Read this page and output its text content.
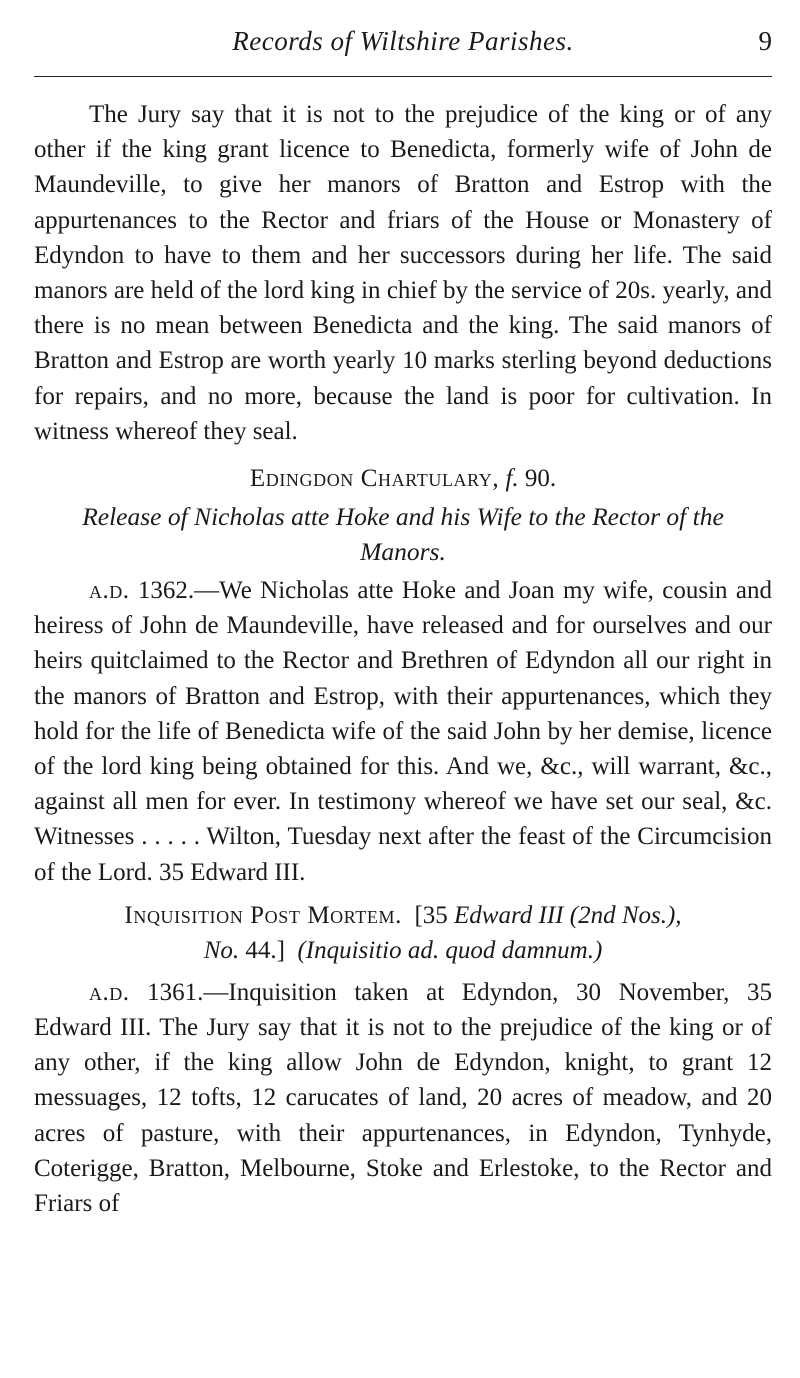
Records of Wiltshire Parishes.	9

The Jury say that it is not to the prejudice of the king or of any other if the king grant licence to Benedicta, formerly wife of John de Maundeville, to give her manors of Bratton and Estrop with the appurtenances to the Rector and friars of the House or Monastery of Edyndon to have to them and her successors during her life. The said manors are held of the lord king in chief by the service of 20s. yearly, and there is no mean between Benedicta and the king. The said manors of Bratton and Estrop are worth yearly 10 marks sterling beyond deductions for repairs, and no more, because the land is poor for cultivation. In witness whereof they seal.

Edingdon Chartulary, f. 90.
Release of Nicholas atte Hoke and his Wife to the Rector of the Manors.

a.d. 1362.—We Nicholas atte Hoke and Joan my wife, cousin and heiress of John de Maundeville, have released and for ourselves and our heirs quitclaimed to the Rector and Brethren of Edyndon all our right in the manors of Bratton and Estrop, with their appurtenances, which they hold for the life of Benedicta wife of the said John by her demise, licence of the lord king being obtained for this. And we, &c., will warrant, &c., against all men for ever. In testimony whereof we have set our seal, &c. Witnesses . . . . . Wilton, Tuesday next after the feast of the Circumcision of the Lord. 35 Edward III.

Inquisition Post Mortem. [35 Edward III (2nd Nos.),
No. 44.] (Inquisitio ad. quod damnum.)

a.d. 1361.—Inquisition taken at Edyndon, 30 November, 35 Edward III. The Jury say that it is not to the prejudice of the king or of any other, if the king allow John de Edyndon, knight, to grant 12 messuages, 12 tofts, 12 carucates of land, 20 acres of meadow, and 20 acres of pasture, with their appurtenances, in Edyndon, Tynhyde, Coterigge, Bratton, Melbourne, Stoke and Erlestoke, to the Rector and Friars of
